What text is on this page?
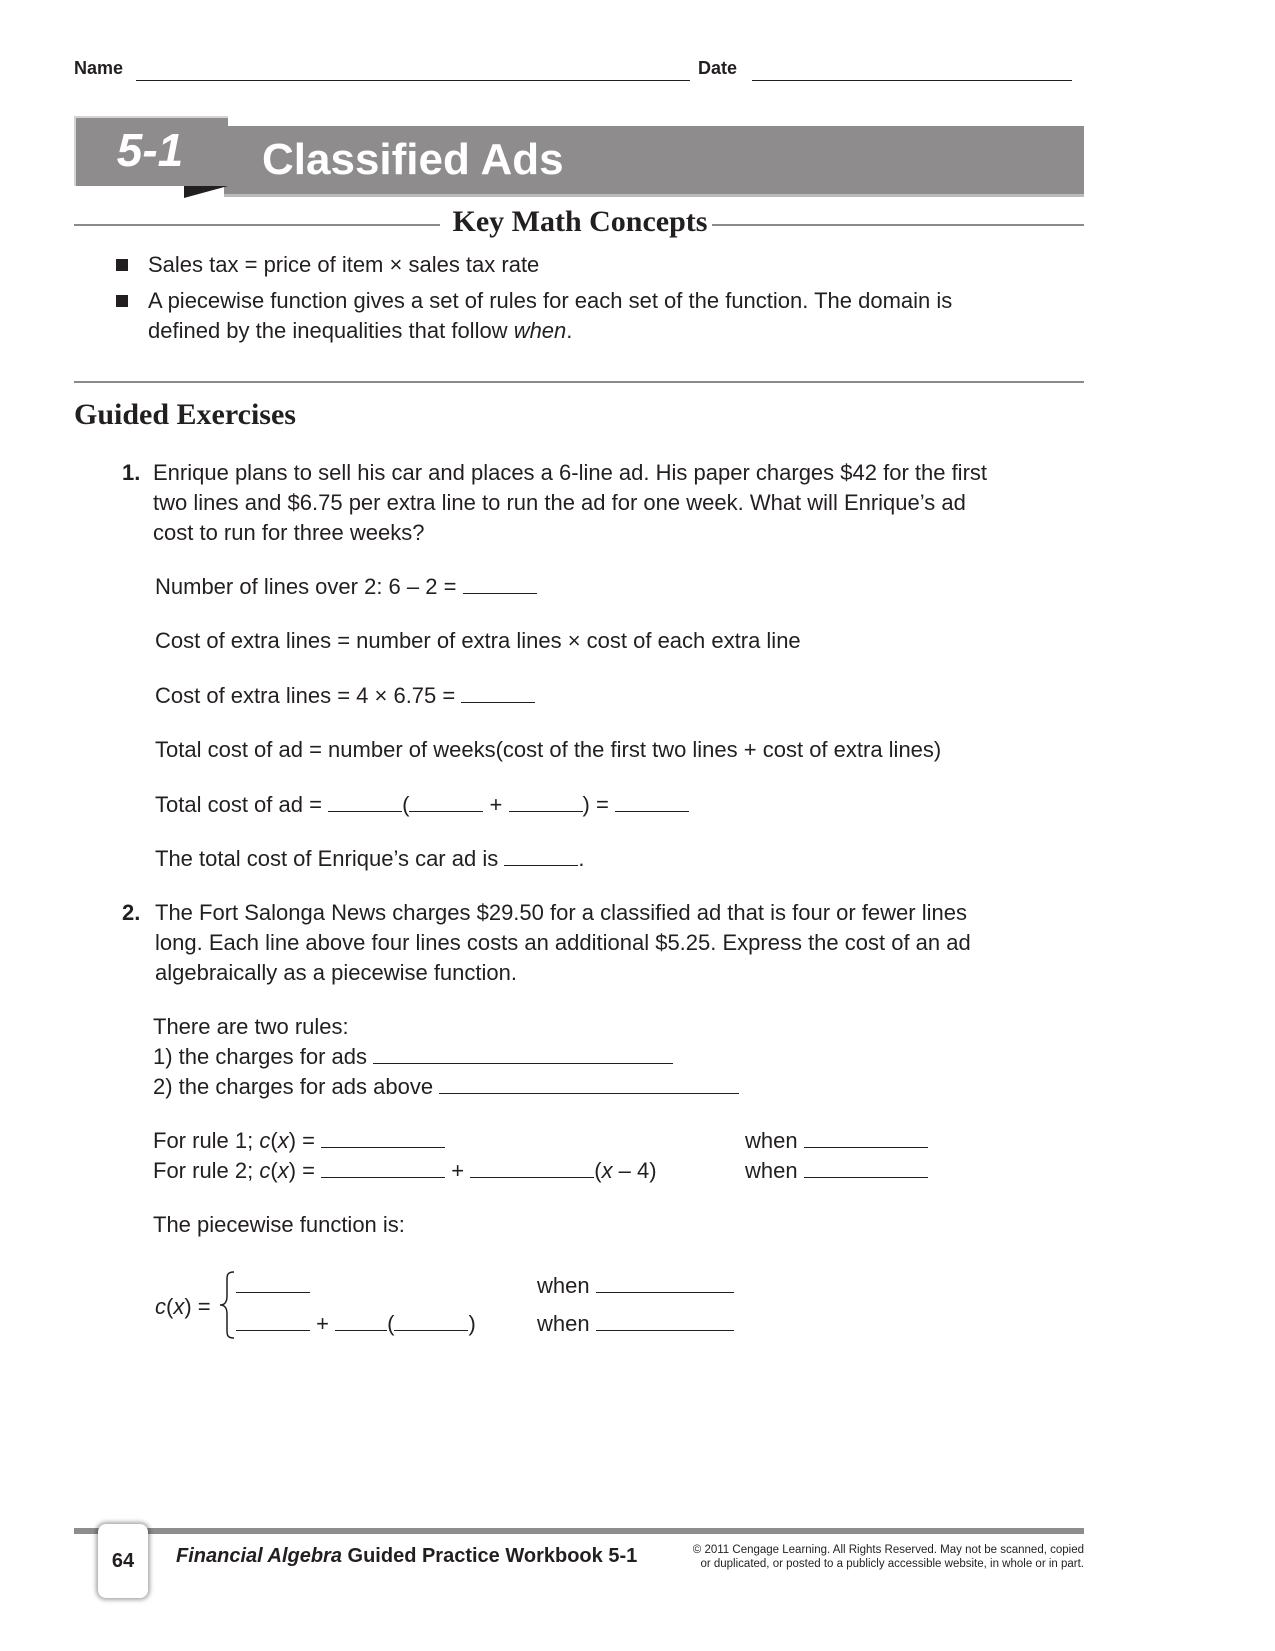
Name	Date
5-1	Classified Ads
Key Math Concepts
Sales tax = price of item × sales tax rate
A piecewise function gives a set of rules for each set of the function. The domain is
defined by the inequalities that follow when.
Guided Exercises
1. Enrique plans to sell his car and places a 6-line ad. His paper charges $42 for the first
two lines and $6.75 per extra line to run the ad for one week. What will Enrique’s ad
cost to run for three weeks?
Number of lines over 2: 6 – 2 =
Cost of extra lines = number of extra lines × cost of each extra line
Cost of extra lines = 4 × 6.75 =
Total cost of ad = number of weeks(cost of the first two lines + cost of extra lines)
Total cost of ad =	(	+	) =
The total cost of Enrique’s car ad is	.
2. The Fort Salonga News charges $29.50 for a classified ad that is four or fewer lines
long. Each line above four lines costs an additional $5.25. Express the cost of an ad
algebraically as a piecewise function.
There are two rules:
1) the charges for ads
2) the charges for ads above
For rule 1; c(x) =	when
For rule 2; c(x) =	+	(x – 4)	when
The piecewise function is:
c(x) =
+	(	)
when
when
64	Financial Algebra Guided Practice Workbook 5-1	© 2011 Cengage Learning. All Rights Reserved. May not be scanned, copied
or duplicated, or posted to a publicly accessible website, in whole or in part.
